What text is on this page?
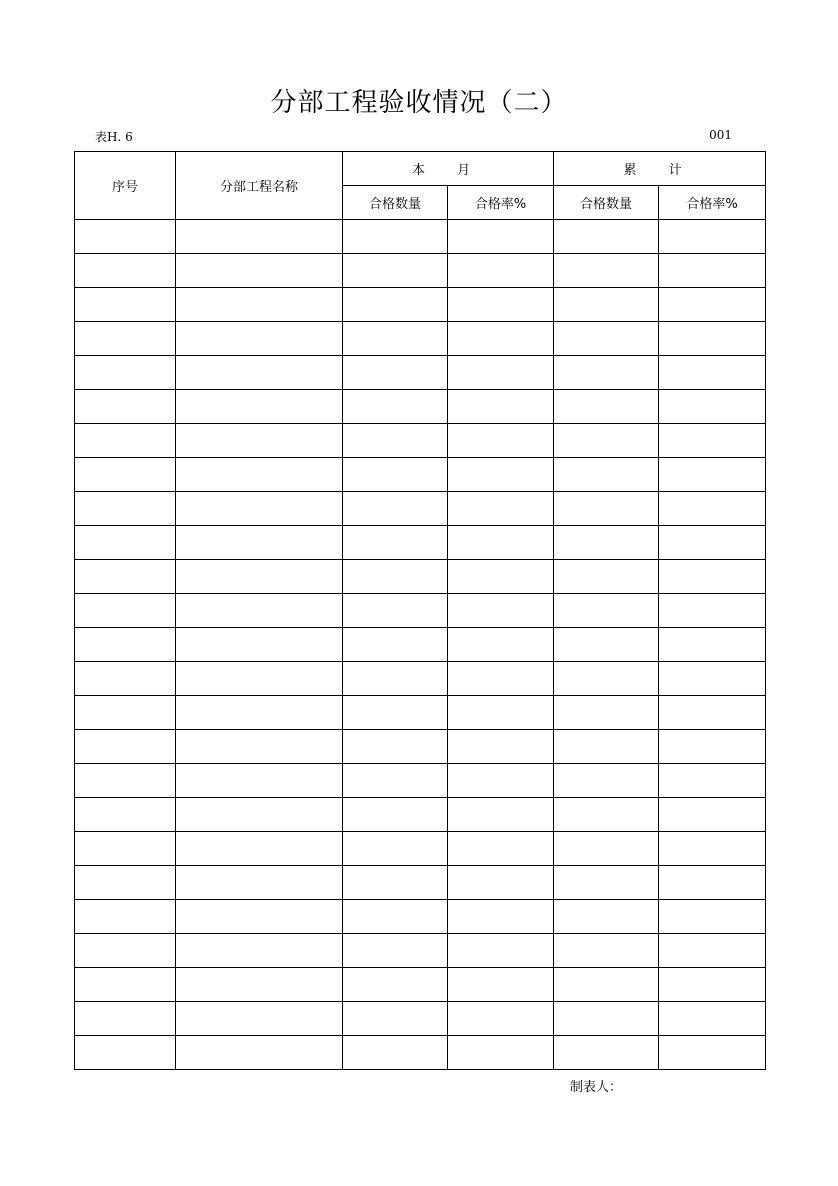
分部工程验收情况（二）
表H. 6	001
序号	分部工程名称	本 月		累 计	
		合格数量	合格率%	合格数量	合格率%

制表人：
